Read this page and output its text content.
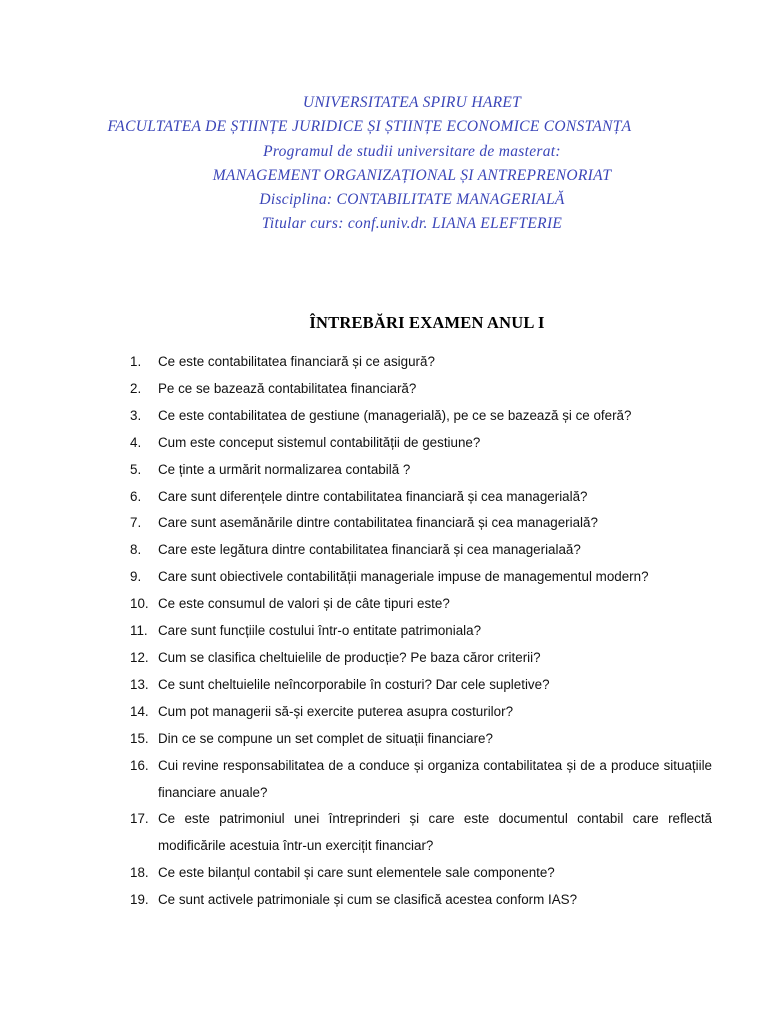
UNIVERSITATEA SPIRU HARET
FACULTATEA DE ȘTIINȚE JURIDICE ȘI ȘTIINȚE ECONOMICE CONSTANȚA
Programul de studii universitare de masterat:
MANAGEMENT ORGANIZAȚIONAL ȘI ANTREPRENORIAT
Disciplina: CONTABILITATE MANAGERIALĂ
Titular curs: conf.univ.dr. LIANA ELEFTERIE
ÎNTREBĂRI EXAMEN ANUL I
1.	Ce este contabilitatea financiară și ce asigură?
2.	Pe ce se bazează contabilitatea financiară?
3.	Ce este contabilitatea de gestiune (managerială), pe ce se bazează și ce oferă?
4.	Cum este conceput sistemul contabilității de gestiune?
5.	Ce ținte a urmărit normalizarea contabilă ?
6.	Care sunt diferențele dintre contabilitatea financiară și cea managerială?
7.	Care sunt asemănările dintre contabilitatea financiară și cea managerială?
8.	Care este legătura dintre contabilitatea financiară și cea managerialaă?
9.	Care sunt obiectivele contabilității manageriale impuse de managementul modern?
10. Ce este consumul de valori și de câte tipuri este?
11. Care sunt funcțiile costului într-o entitate patrimoniala?
12. Cum se clasifica cheltuielile de producție? Pe baza căror criterii?
13. Ce sunt cheltuielile neîncorporabile în costuri? Dar cele supletive?
14. Cum pot managerii să-și exercite puterea asupra costurilor?
15. Din ce se compune un set complet de situații financiare?
16. Cui revine responsabilitatea de a conduce și organiza contabilitatea și de a produce situațiile financiare anuale?
17. Ce este patrimoniul unei întreprinderi și care este documentul contabil care reflectă modificările acestuia într-un exercițit financiar?
18. Ce este bilanțul contabil și care sunt elementele sale componente?
19. Ce sunt activele patrimoniale și cum se clasifică acestea conform IAS?
